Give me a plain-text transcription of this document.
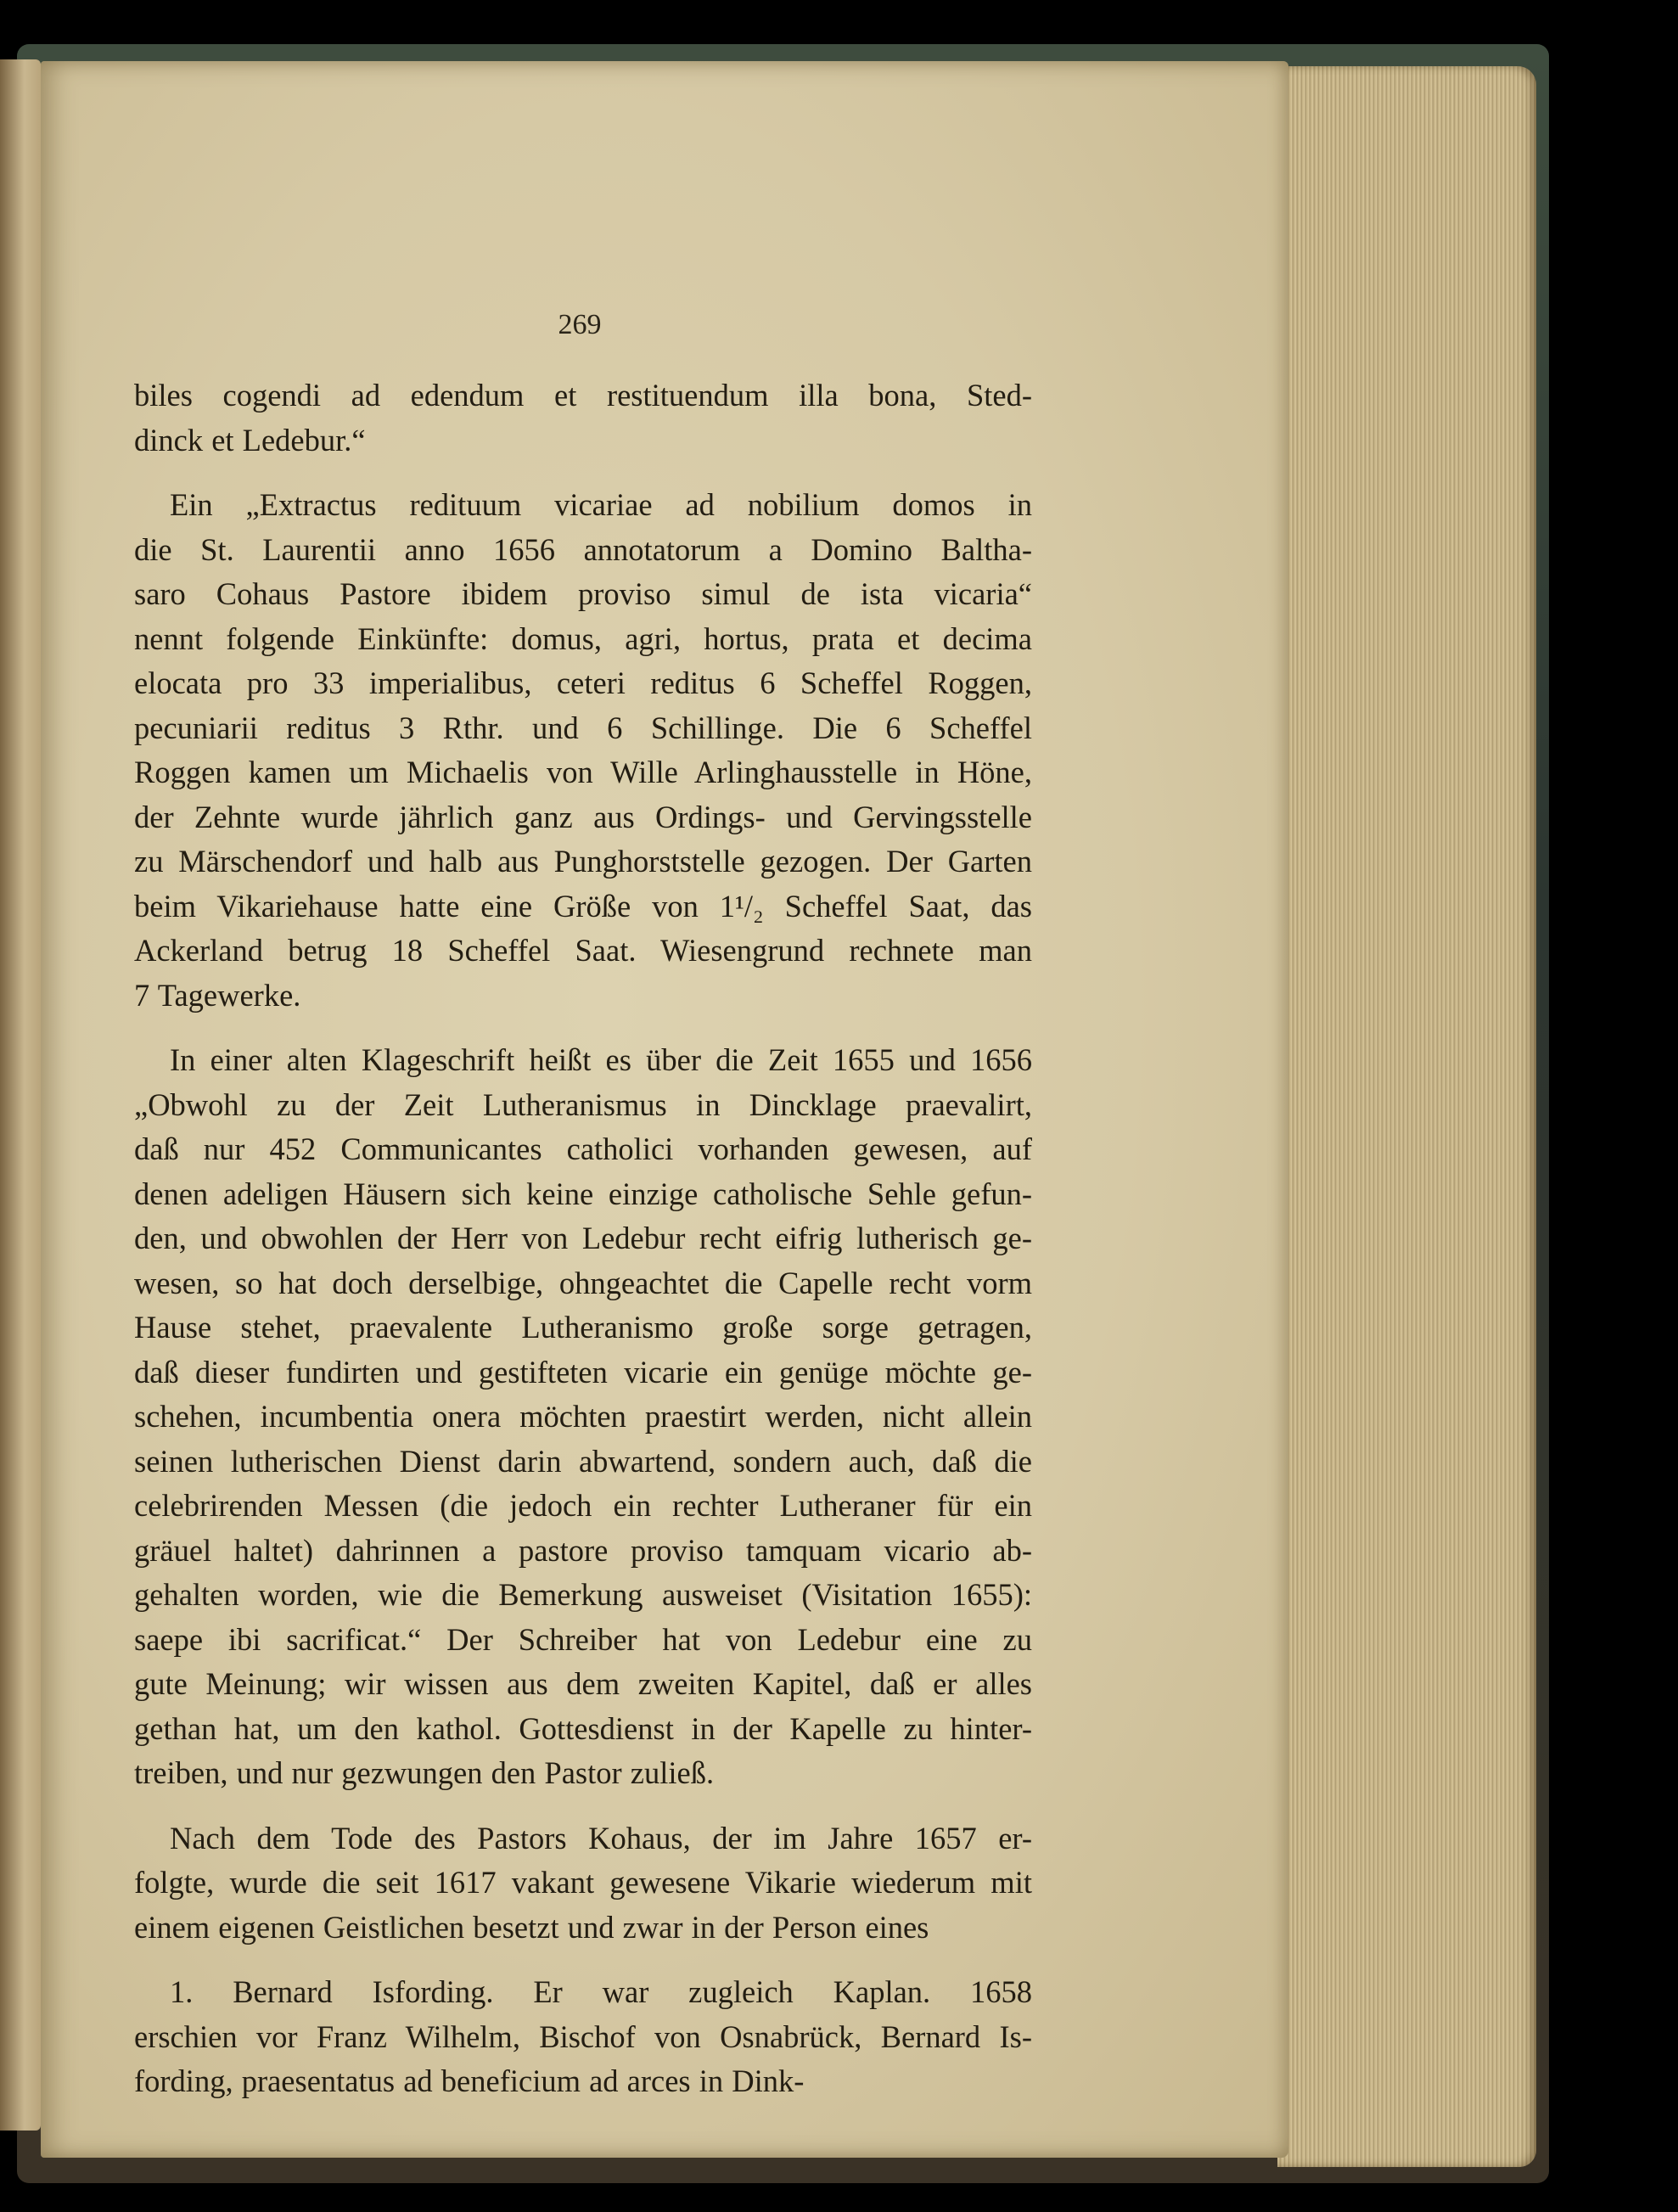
269
biles cogendi ad edendum et restituendum illa bona, Sted-
dinck et Ledebur.“
Ein „Extractus redituum vicariae ad nobilium domos in
die St. Laurentii anno 1656 annotatorum a Domino Baltha-
saro Cohaus Pastore ibidem proviso simul de ista vicaria“
nennt folgende Einkünfte: domus, agri, hortus, prata et decima
elocata pro 33 imperialibus, ceteri reditus 6 Scheffel Roggen,
pecuniarii reditus 3 Rthr. und 6 Schillinge. Die 6 Scheffel
Roggen kamen um Michaelis von Wille Arlinghausstelle in Höne,
der Zehnte wurde jährlich ganz aus Ordings- und Gervingsstelle
zu Märschendorf und halb aus Punghorststelle gezogen. Der Garten
beim Vikariehause hatte eine Größe von 1¹/₂ Scheffel Saat, das
Ackerland betrug 18 Scheffel Saat. Wiesengrund rechnete man
7 Tagewerke.
In einer alten Klageschrift heißt es über die Zeit 1655 und 1656
„Obwohl zu der Zeit Lutheranismus in Dincklage praevalirt,
daß nur 452 Communicantes catholici vorhanden gewesen, auf
denen adeligen Häusern sich keine einzige catholische Sehle gefun-
den, und obwohlen der Herr von Ledebur recht eifrig lutherisch ge-
wesen, so hat doch derselbige, ohngeachtet die Capelle recht vorm
Hause stehet, praevalente Lutheranismo große sorge getragen,
daß dieser fundirten und gestifteten vicarie ein genüge möchte ge-
schehen, incumbentia onera möchten praestirt werden, nicht allein
seinen lutherischen Dienst darin abwartend, sondern auch, daß die
celebrirenden Messen (die jedoch ein rechter Lutheraner für ein
gräuel haltet) dahrinnen a pastore proviso tamquam vicario ab-
gehalten worden, wie die Bemerkung ausweiset (Visitation 1655):
saepe ibi sacrificat.“ Der Schreiber hat von Ledebur eine zu
gute Meinung; wir wissen aus dem zweiten Kapitel, daß er alles
gethan hat, um den kathol. Gottesdienst in der Kapelle zu hinter-
treiben, und nur gezwungen den Pastor zuließ.
Nach dem Tode des Pastors Kohaus, der im Jahre 1657 er-
folgte, wurde die seit 1617 vakant gewesene Vikarie wiederum mit
einem eigenen Geistlichen besetzt und zwar in der Person eines
1. Bernard Isfording. Er war zugleich Kaplan. 1658
erschien vor Franz Wilhelm, Bischof von Osnabrück, Bernard Is-
fording, praesentatus ad beneficium ad arces in Dink-
